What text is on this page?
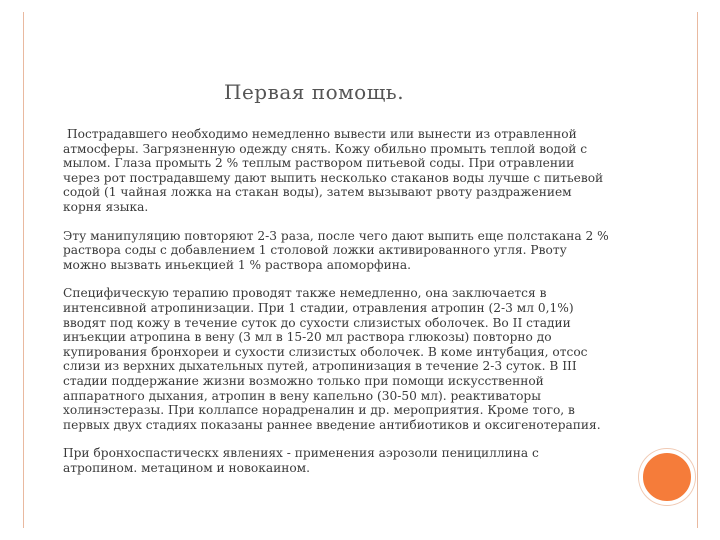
Первая помощь.

Пострадавшего необходимо немедленно вывести или вынести из отравленной атмосферы. Загрязненную одежду снять. Кожу обильно промыть теплой водой с мылом. Глаза промыть 2 % теплым раствором питьевой соды. При отравлении через рот пострадавшему дают выпить несколько стаканов воды лучше с питьевой содой (1 чайная ложка на стакан воды), затем вызывают рвоту раздражением корня языка.

Эту манипуляцию повторяют 2-3 раза, после чего дают выпить еще полстакана 2 % раствора соды с добавлением 1 столовой ложки активированного угля. Рвоту можно вызвать иньекцией 1 % раствора апоморфина.

Специфическую терапию проводят также немедленно, она заключается в интенсивной атропинизации. При 1 стадии, отравления атропин (2-3 мл 0,1%) вводят под кожу в течение суток до сухости слизистых оболочек. Во II стадии инъекции атропина в вену (3 мл в 15-20 мл раствора глюкозы) повторно до купирования бронхореи и сухости слизистых оболочек. В коме интубация, отсос слизи из верхних дыхательных путей, атропинизация в течение 2-3 суток. В III стадии поддержание жизни возможно только при помощи искусственной аппаратного дыхания, атропин в вену капельно (30-50 мл). реактиваторы холинэстеразы. При коллапсе норадреналин и др. мероприятия. Кроме того, в первых двух стадиях показаны раннее введение антибиотиков и оксигенотерапия.

При бронхоспастическх явлениях - применения аэрозоли пенициллина с атропином. метацином и новокаином.
